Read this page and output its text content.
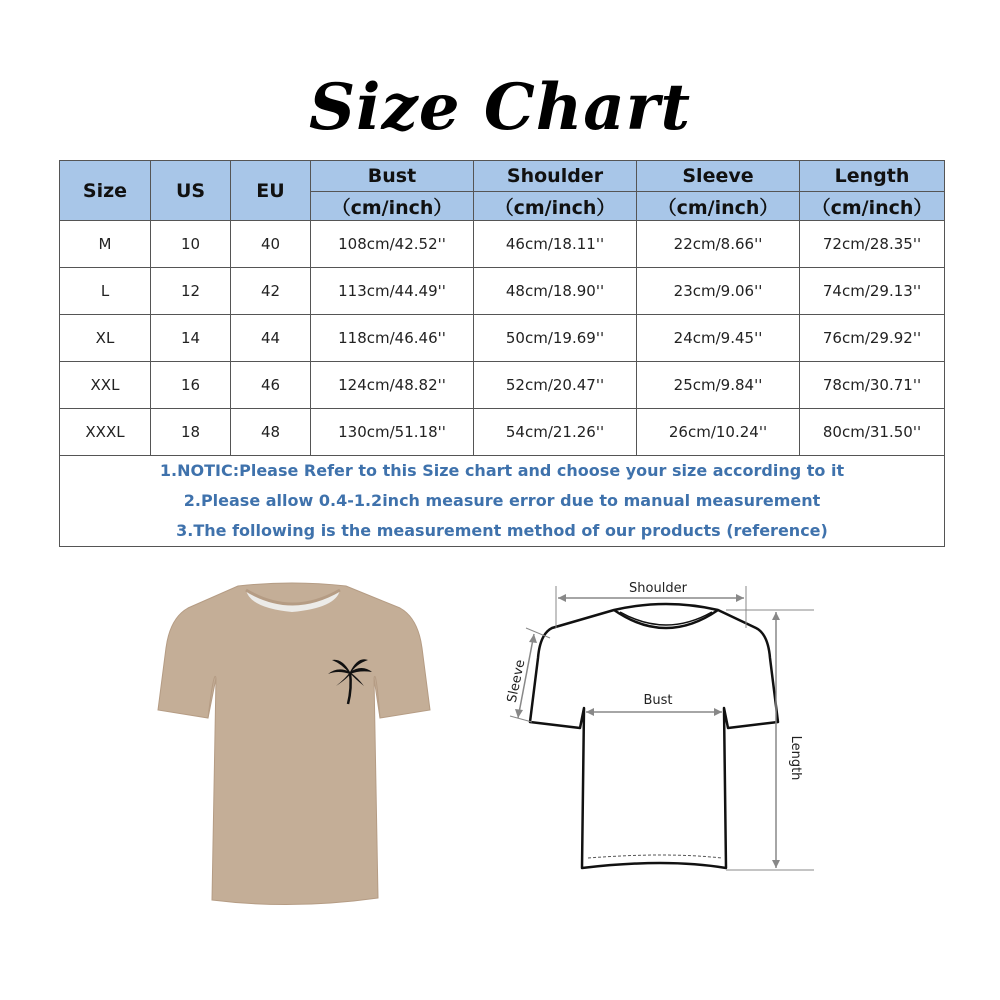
Size Chart
Size	US	EU	Bust	Shoulder	Sleeve	Length
			（cm/inch）	（cm/inch）	（cm/inch）	（cm/inch）
M	10	40	108cm/42.52''	46cm/18.11''	22cm/8.66''	72cm/28.35''
L	12	42	113cm/44.49''	48cm/18.90''	23cm/9.06''	74cm/29.13''
XL	14	44	118cm/46.46''	50cm/19.69''	24cm/9.45''	76cm/29.92''
XXL	16	46	124cm/48.82''	52cm/20.47''	25cm/9.84''	78cm/30.71''
XXXL	18	48	130cm/51.18''	54cm/21.26''	26cm/10.24''	80cm/31.50''

1.NOTIC:Please Refer to this Size chart and choose your size according to it
2.Please allow 0.4-1.2inch measure error due to manual measurement
3.The following is the measurement method of our products (reference)						
Shoulder
Sleeve	Bust
Length
